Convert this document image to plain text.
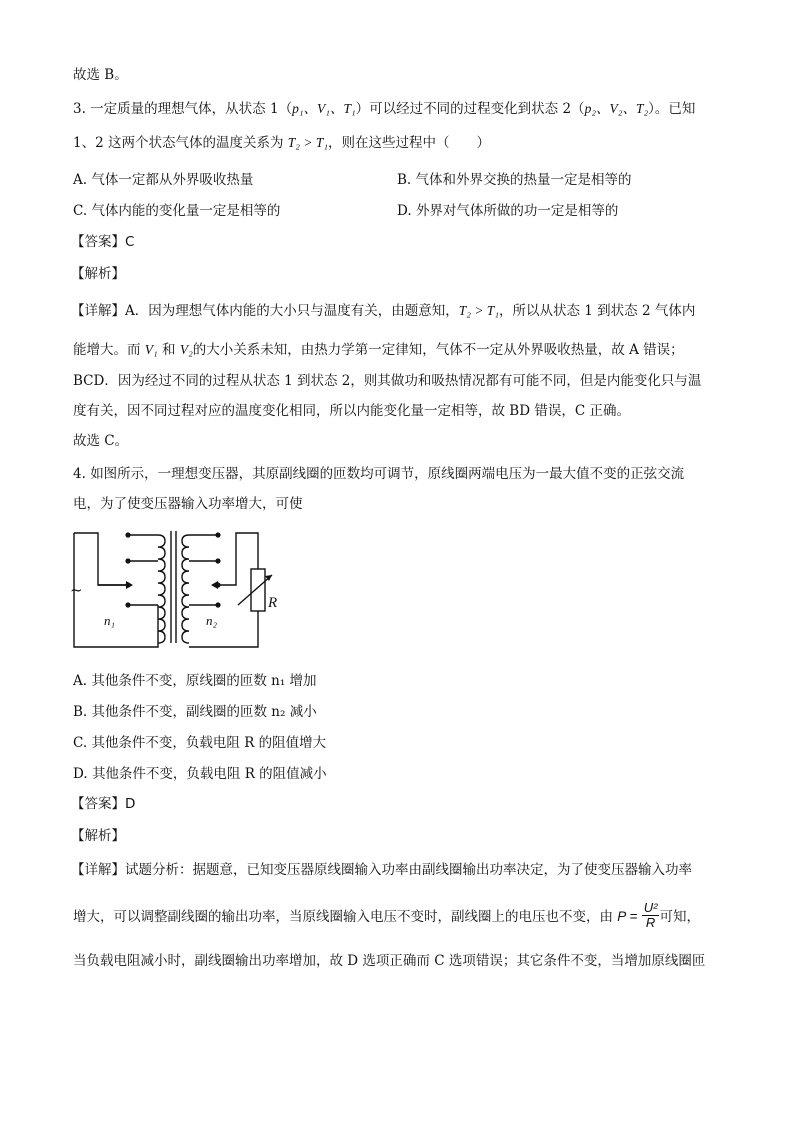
故选 B。
3. 一定质量的理想气体，从状态 1（p₁、V₁、T₁）可以经过不同的过程变化到状态 2（p₂、V₂、T₂）。已知
1、2 这两个状态气体的温度关系为 T₂ > T₁，则在这些过程中（　　）
A. 气体一定都从外界吸收热量	B. 气体和外界交换的热量一定是相等的
C. 气体内能的变化量一定是相等的	D. 外界对气体所做的功一定是相等的
【答案】C
【解析】
【详解】A．因为理想气体内能的大小只与温度有关，由题意知，T₂ > T₁，所以从状态 1 到状态 2 气体内
能增大。而 V₁ 和 V₂的大小关系未知，由热力学第一定律知，气体不一定从外界吸收热量，故 A 错误；
BCD．因为经过不同的过程从状态 1 到状态 2，则其做功和吸热情况都有可能不同，但是内能变化只与温
度有关，因不同过程对应的温度变化相同，所以内能变化量一定相等，故 BD 错误，C 正确。
故选 C。
4. 如图所示，一理想变压器，其原副线圈的匝数均可调节，原线圈两端电压为一最大值不变的正弦交流
电，为了使变压器输入功率增大，可使
~
n₁	n₂
R
A. 其他条件不变，原线圈的匝数 n₁ 增加
B. 其他条件不变，副线圈的匝数 n₂ 减小
C. 其他条件不变，负载电阻 R 的阻值增大
D. 其他条件不变，负载电阻 R 的阻值减小
【答案】D
【解析】
【详解】试题分析：据题意，已知变压器原线圈输入功率由副线圈输出功率决定，为了使变压器输入功率
增大，可以调整副线圈的输出功率，当原线圈输入电压不变时，副线圈上的电压也不变，由 $P = \frac{\text{U²}}{R}$ 可知，
当负载电阻减小时，副线圈输出功率增加，故 D 选项正确而 C 选项错误；其它条件不变，当增加原线圈匝
